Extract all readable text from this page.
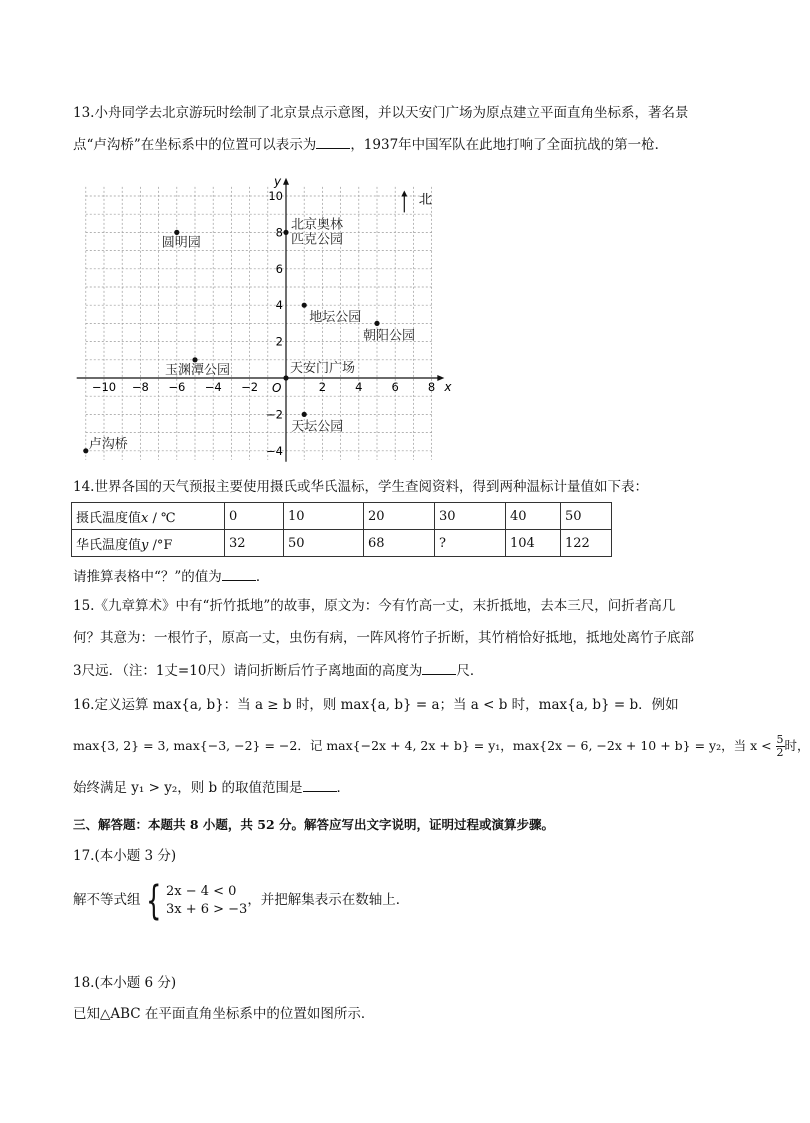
13.小舟同学去北京游玩时绘制了北京景点示意图，并以天安门广场为原点建立平面直角坐标系，著名景
点“卢沟桥”在坐标系中的位置可以表示为	，1937年中国军队在此地打响了全面抗战的第一枪．
x
y
O
北
−10 −8 −6 −4 −2	2	4	6	8
10
8
6
4
2
−2
−4
圆明园
北京奥林
匹克公园
地坛公园
朝阳公园
玉渊潭公园	天安门广场
天坛公园
卢沟桥
14.世界各国的天气预报主要使用摄氏或华氏温标，学生查阅资料，得到两种温标计量值如下表：
摄氏温度值x / ℃	0	10	20	30	40	50
华氏温度值y /°F	32	50	68	?	104	122
请推算表格中“？”的值为	．
15.《九章算术》中有“折竹抵地”的故事，原文为：今有竹高一丈，末折抵地，去本三尺，问折者高几
何？其意为：一根竹子，原高一丈，虫伤有病，一阵风将竹子折断，其竹梢恰好抵地，抵地处离竹子底部
3尺远．（注：1丈=10尺）请问折断后竹子离地面的高度为	尺．
16.定义运算 max{a, b}：当 a ≥ b 时，则 max{a, b} = a；当 a < b 时，max{a, b} = b．例如
max{3, 2} = 3, max{−3, −2} = −2．记 max{−2x + 4, 2x + b} = y₁，max{2x − 6, −2x + 10 + b} = y₂，当 $x < \frac{5}{2}$ 时，
始终满足 y₁ > y₂，则 b 的取值范围是	．
三、解答题：本题共 8 小题，共 52 分。解答应写出文字说明，证明过程或演算步骤。
17.(本小题 3 分)
解不等式组 { 2x − 4 < 0
3x + 6 > −3
，并把解集表示在数轴上．
18.(本小题 6 分)
已知△ABC 在平面直角坐标系中的位置如图所示．
